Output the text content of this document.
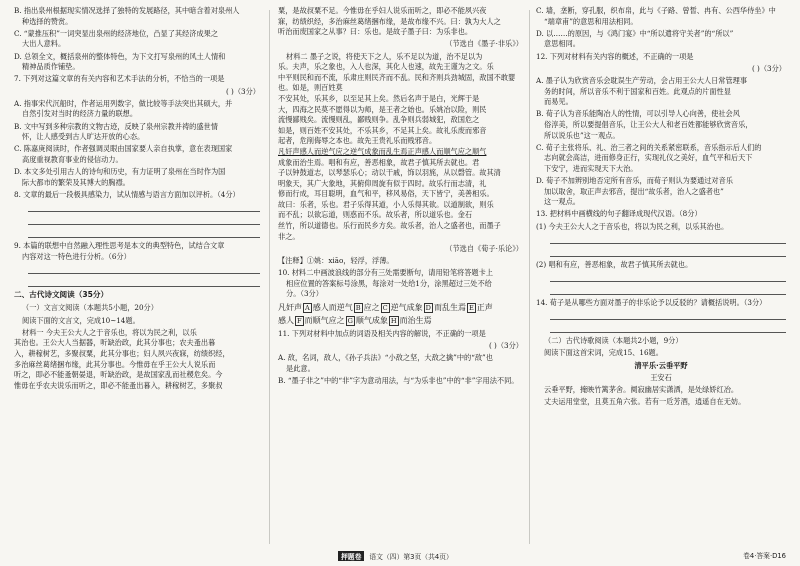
B. 指出泉州根据现实情况选择了独特的发展路径，其中暗含着对泉州人
种选择的赞赏。
C. “蒙推压积”一词突显出泉州的经济地位，凸显了其经济成果之
大出人意料。
D. 总领全文，概括泉州的整体特色，为下文打写泉州的风土人情和
精神品质作铺垫。
7. 下列对这篇文章的有关内容和艺术手法的分析，不恰当的一项是
( )（3分）
A. 指事宋代沉船时，作者运用列数字，做比较等手法突出其硕大，并
自然引发对当时的经济力量的联想。
B. 文中写到多种宗教的文物古迹，反映了泉州宗教并祷的盛世情
怀，让人感受到古人旷达开放的心态。
C. 陈嘉庚阅读时，作者强调灵眼由国家要人亲自执掌，意在表现国家
高度重视教育事业的侵信动力。
D. 本文多处引用古人的诗句和历史，有力证明了泉州在当时作为国
际大都市的繁荣及其博大的胸襟。
8. 文章的最后一段极具感染力，试从情感与语言方面加以评析。（4分）
9. 本篇的联想中自然融入理性思考是本文的典型特色，试结合文章
内容对这一特色进行分析。（6分）
二、古代诗文阅读（35分）
（一）文言文阅读（本题共5小题，20分）
阅读下面的文言文，完成10~14题。
材料一 今夫王公大人之于音乐也，将以为民之利，以乐
其治也。王公大人当据器，听缺治政，此其分事也；农夫蚤出暮
入，耕稼树艺，多聚叔粟，此其分事也；妇人夙兴夜寐，纺绩织经，
多治麻丝葛绪捆布缘，此其分事也。今惟毋在乎王公大人说乐而
听之，即必不能蚤朝晏退，听缺治政，是故国家乱而社稷危矣。今
惟毋在乎农夫说乐而听之，即必不能蚤出暮入，耕稼树艺，多聚叔
粟，是故叔粟不足。今惟毋在乎妇人说乐而听之，即必不能夙兴夜
寐，纺绩织经，多治麻丝葛绪捆布缘，是故布缘不兴。曰：孰为大人之
听治而废国家之从事？曰：乐也。是故子墨子曰：为乐非也。
（节选自《墨子·非乐》）
材料二 墨子之说，将使天下之人，乐不足以为道，治不足以为
乐。夫声，乐之象也，入人也深，其化人也速，故先王谨为之文。乐
中平则民和而不流，乐肃庄则民齐而不乱。民和齐则兵劲城固，敌国不敢婴也。如是，则百姓莫
不安其处，乐其乡，以至足其上矣。然后名声于是白，光辉于是
大，四海之民莫不愿得以为师，是王者之始也。乐姚冶以险，则民
流慢鄙贱矣。流慢则乱，鄙贱则争。乱争则兵弱城犯，敌国危之
如是，则百姓不安其处，不乐其乡，不足其上矣。故礼乐废而邪音
起者，危削侮辱之本也。故先王贵礼乐而贱邪音。
凡奸声感人而逆气应之逆气成象而乱生焉正声感人而顺气应之顺气
成象而治生焉。唱和有应，善恶相象，故君子慎其所去就也。君
子以钟鼓道志，以琴瑟乐心；动以干戚，饰以羽旄，从以磬管。故其清
明象天，其广大象地，其俯仰周旋有似于四时。故乐行而志清，礼
修而行成，耳目聪明，血气和平，移风易俗，天下皆宁，美善相乐。
故曰：乐者，乐也。君子乐得其道，小人乐得其欲。以道制欲，则乐
而不乱；以欲忘道，则惑而不乐。故乐者，所以道乐也。金石
丝竹，所以道德也。乐行而民乡方矣。故乐者，治人之盛者也，而墨子
非之。
（节选自《荀子·乐论》）
【注释】①姚：xiāo，轻浮，浮薄。
10. 材料二中画波浪线的部分有三处需要断句，请用铅笔将答题卡上
相应位置的答案标号涂黑，每涂对一处给1分，涂黑超过三处不给
分。（3分）
凡奸声 A 感人而逆气 B 应之 C 逆气成象 D 而乱生焉 E 正声
感人 F 而顺气应之 G 顺气成象 H 而治生焉
11. 下列对材料中加点的词语及相关内容的解说，不正确的一项是
( )（3分）
A. 敌，名词，敌人，《孙子兵法》“小敌之坚，大敌之擒”中的“敌”也
是此意。
B. “墨子非之”中的“非”字为意动用法，与“为乐非也”中的“非”字用法不同。
C. 墙，垄断，穿孔服，织布帛，此与《子路、曾皙、冉有、公西华侍坐》中
“端章甫”的意思和用法相同。
D. 以……的原因，与《鸿门宴》中“所以遣将守关者”的“所以”
意思相同。
12. 下列对材料有关内容的概述，不正确的一项是
( )（3分）
A. 墨子认为欣赏音乐会耽误生产劳动，会占用王公大人日常管理事
务的时间，所以音乐不利于国家和百姓。此观点的片面性显
而易见。
B. 荀子认为音乐能陶冶人的性情，可以引导人心向善，使社会风
俗淳美，所以要提倡音乐，让王公大人和老百姓都能够欣赏音乐，
所以说乐也”这一观点。
C. 荀子主张将乐、礼、治三者之间的关系紧密联系，音乐指示后人们的
志向就会高洁，进而修身正行，实现礼仪之美好，血气平和后天下
下安宁，进而实现天下大治。
D. 荀子不加辨别地否定所有音乐，而荀子则认为要通过对音乐
加以取舍，取正声去邪音，提出“故乐者，治人之盛者也”
这一观点。
13. 把材料中画横线的句子翻译成现代汉语。（8分）
(1) 今夫王公大人之于音乐也，将以为民之利，以乐其治也。
(2) 唱和有应，善恶相象，故君子慎其所去就也。
14. 荀子是从哪些方面对墨子的非乐论予以反驳的？请概括说明。（3分）
（二）古代诗歌阅读（本题共2小题，9分）
阅读下面这首宋词，完成15、16题。
清平乐·云垂平野
王安石
云垂平野，掩映竹篱茅舍。阒寂幽居实潇洒，是处绿娇红冶。
丈夫运用堂堂，且莫五角六张。若有一卮芳酒，逍遥自在无妨。
押题卷	语文（四）第3页（共4页）	卷4·答案·D16
